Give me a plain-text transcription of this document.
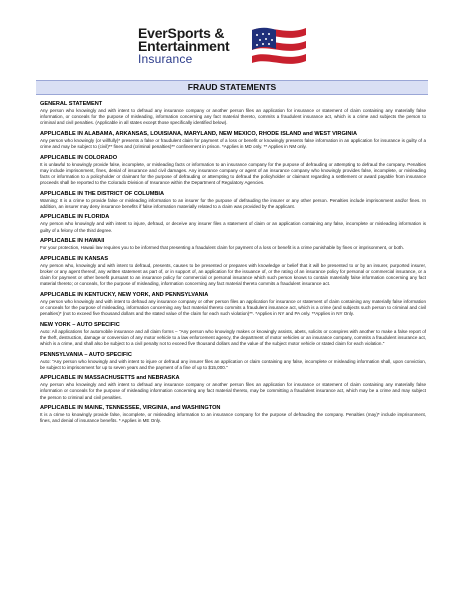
EverSports &
Entertainment
Insurance
FRAUD STATEMENTS
GENERAL STATEMENT

Any person who knowingly and with intent to defraud any insurance company or another person files an application for insurance or statement of claim containing any materially false information, or conceals for the purpose of misleading, information concerning any fact material thereto, commits a fraudulent insurance act, which is a crime and subjects the person to criminal and civil penalties. (Applicable in all states except those specifically identified below).

APPLICABLE IN ALABAMA, ARKANSAS, LOUISIANA, MARYLAND, NEW MEXICO, RHODE ISLAND and WEST VIRGINIA

Any person who knowingly (or willfully)* presents a false or fraudulent claim for payment of a loss or benefit or knowingly presents false information in an application for insurance is guilty of a crime and may be subject to (civil)** fines and (criminal penalties)** confinement in prison. *Applies in MD only. ** Applies in NM only.

APPLICABLE IN COLORADO

It is unlawful to knowingly provide false, incomplete, or misleading facts or information to an insurance company for the purpose of defrauding or attempting to defraud the company. Penalties may include imprisonment, fines, denial of insurance and civil damages. Any insurance company or agent of an insurance company who knowingly provides false, incomplete, or misleading facts or information to a policyholder or claimant for the purpose of defrauding or attempting to defraud the policyholder or claimant regarding a settlement or award payable from insurance proceeds shall be reported to the Colorado Division of Insurance within the Department of Regulatory Agencies.

APPLICABLE IN THE DISTRICT OF COLUMBIA

Warning: It is a crime to provide false or misleading information to an insurer for the purpose of defrauding the insurer or any other person. Penalties include imprisonment and/or fines. In addition, an insurer may deny insurance benefits if false information materially related to a claim was provided by the applicant.

APPLICABLE IN FLORIDA

Any person who knowingly and with intent to injure, defraud, or deceive any insurer files a statement of claim or an application containing any false, incomplete or misleading information is guilty of a felony of the third degree.

APPLICABLE IN HAWAII

For your protection, Hawaii law requires you to be informed that presenting a fraudulent claim for payment of a loss or benefit is a crime punishable by fines or imprisonment, or both.

APPLICABLE IN KANSAS

Any person who, knowingly and with intent to defraud, presents, causes to be presented or prepares with knowledge or belief that it will be presented to or by an insurer, purported insurer, broker or any agent thereof, any written statement as part of, or in support of, an application for the issuance of, or the rating of an insurance policy for personal or commercial insurance, or a claim for payment or other benefit pursuant to an insurance policy for commercial or personal insurance which such person knows to contain materially false information concerning any fact material thereto; or conceals, for the purpose of misleading, information concerning any fact material thereto commits a fraudulent insurance act.

APPLICABLE IN KENTUCKY, NEW YORK, AND PENNSYLVANIA

Any person who knowingly and with intent to defraud any insurance company or other person files an application for insurance or statement of claim containing any materially false information or conceals for the purpose of misleading, information concerning any fact material thereto commits a fraudulent insurance act, which is a crime (and subjects such person to criminal and civil penalties)* (not to exceed five thousand dollars and the stated value of the claim for each such violation)**. *Applies in NY and PA only. **Applies in NY Only.

NEW YORK – AUTO SPECIFIC

Auto: All applications for automobile insurance and all claim forms – "Any person who knowingly makes or knowingly assists, abets, solicits or conspires with another to make a false report of the theft, destruction, damage or conversion of any motor vehicle to a law enforcement agency, the department of motor vehicles or an insurance company, commits a fraudulent insurance act, which is a crime, and shall also be subject to a civil penalty not to exceed five thousand dollars and the value of the subject motor vehicle or stated claim for each violation."

PENNSYLVANIA – AUTO SPECIFIC

Auto: "Any person who knowingly and with intent to injure or defraud any insurer files an application or claim containing any false, incomplete or misleading information shall, upon conviction, be subject to imprisonment for up to seven years and the payment of a fine of up to $15,000."

APPLICABLE IN MASSACHUSETTS and NEBRASKA

Any person who knowingly and with intent to defraud any insurance company or another person files an application for insurance or statement of claim containing any materially false information or conceals for the purpose of misleading information concerning any fact material thereto, may be committing a fraudulent insurance act, which may be a crime and may subject the person to criminal and civil penalties.

APPLICABLE IN MAINE, TENNESSEE, VIRGINIA, and WASHINGTON

It is a crime to knowingly provide false, incomplete, or misleading information to an insurance company for the purpose of defrauding the company. Penalties (may)* include imprisonment, fines, and denial of insurance benefits. * Applies in ME Only.
